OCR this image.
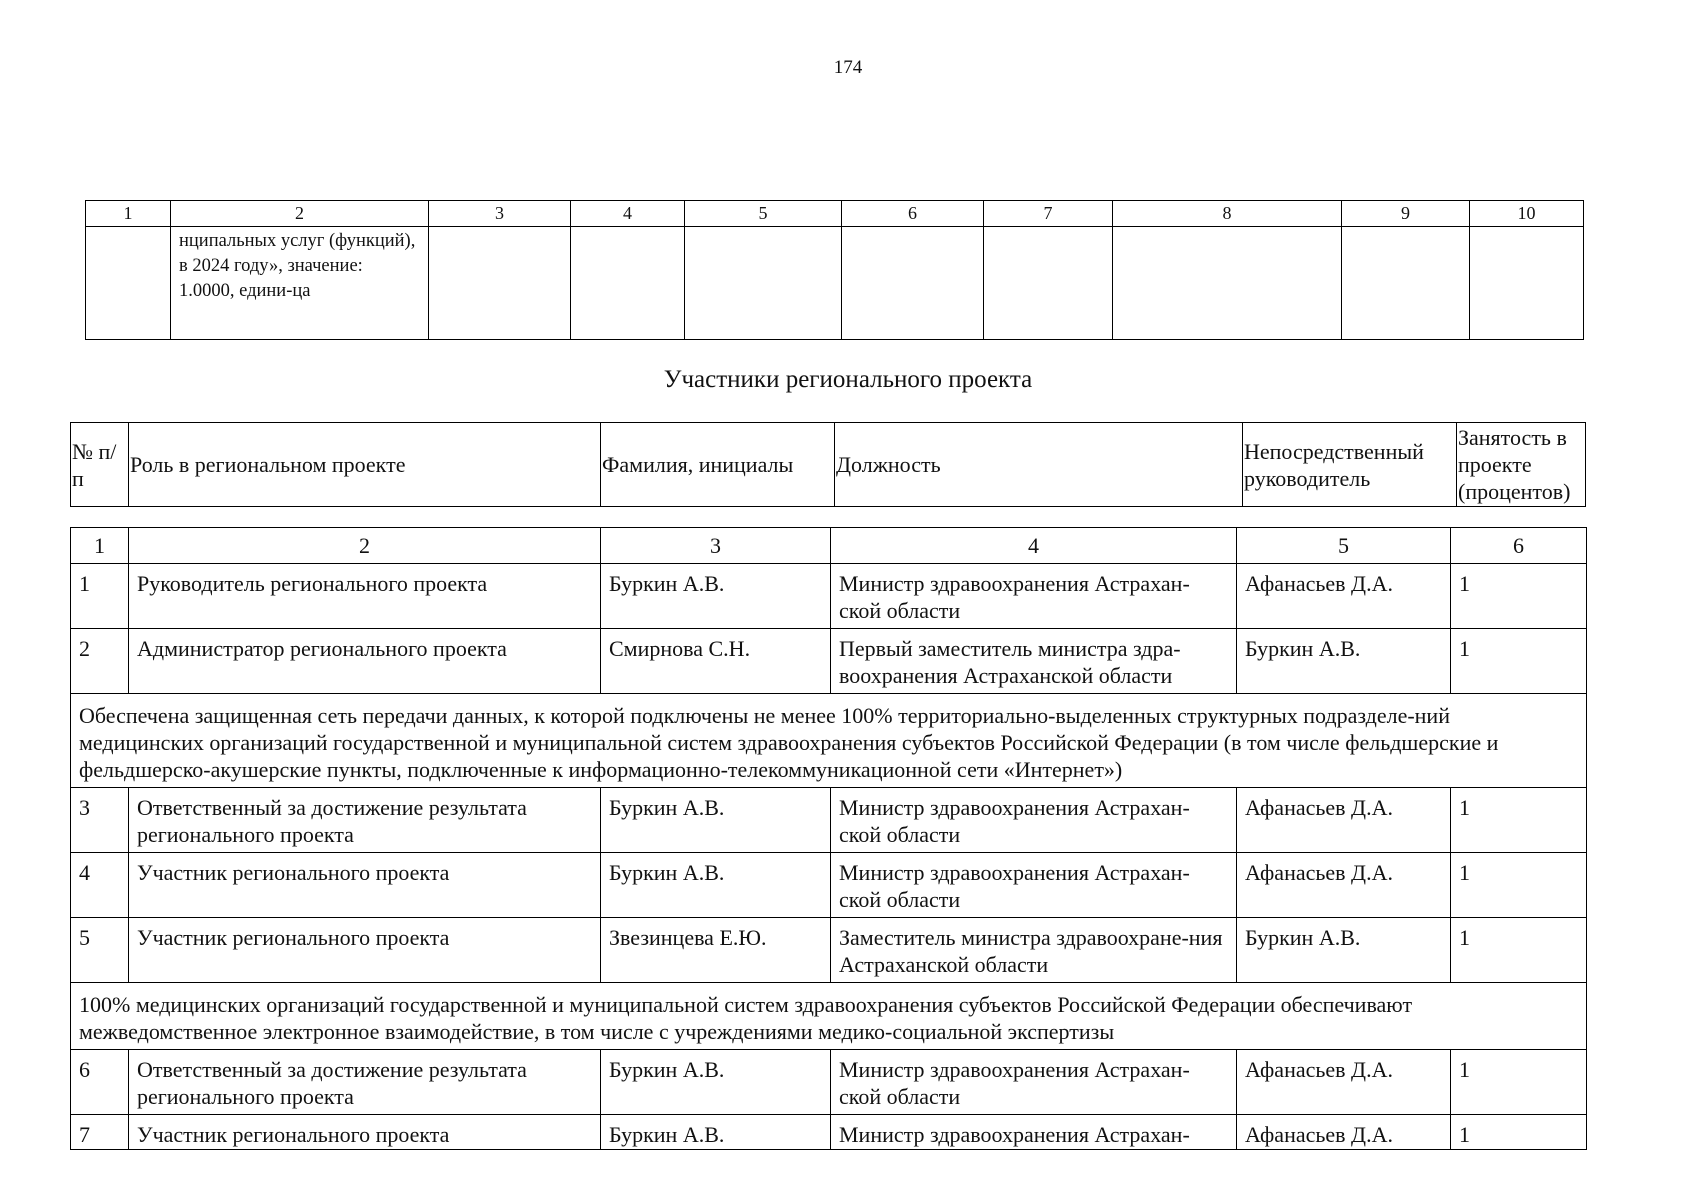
174
1	2	3	4	5	6	7	8	9	10
	нципальных услуг (функций), в 2024 году», значение: 1.0000, едини-ца								
Участники регионального проекта
№ п/п	Роль в региональном проекте	Фамилия, инициалы	Должность	Непосредственный руководитель	Занятость в проекте (процентов)
1	2	3	4	5	6
1	Руководитель регионального проекта	Буркин А.В.	Министр здравоохранения Астрахан-ской области	Афанасьев Д.А.	1
2	Администратор регионального проекта	Смирнова С.Н.	Первый заместитель министра здра-воохранения Астраханской области	Буркин А.В.	1
Обеспечена защищенная сеть передачи данных, к которой подключены не менее 100% территориально-выделенных структурных подразделе-ний медицинских организаций государственной и муниципальной систем здравоохранения субъектов Российской Федерации (в том числе фельдшерские и фельдшерско-акушерские пункты, подключенные к информационно-телекоммуникационной сети «Интернет»)					
3	Ответственный за достижение результата регионального проекта	Буркин А.В.	Министр здравоохранения Астрахан-ской области	Афанасьев Д.А.	1
4	Участник регионального проекта	Буркин А.В.	Министр здравоохранения Астрахан-ской области	Афанасьев Д.А.	1
5	Участник регионального проекта	Звезинцева Е.Ю.	Заместитель министра здравоохране-ния Астраханской области	Буркин А.В.	1
100% медицинских организаций государственной и муниципальной систем здравоохранения субъектов Российской Федерации обеспечивают межведомственное электронное взаимодействие, в том числе с учреждениями медико-социальной экспертизы					
6	Ответственный за достижение результата регионального проекта	Буркин А.В.	Министр здравоохранения Астрахан-ской области	Афанасьев Д.А.	1
7	Участник регионального проекта	Буркин А.В.	Министр здравоохранения Астрахан-	Афанасьев Д.А.	1
